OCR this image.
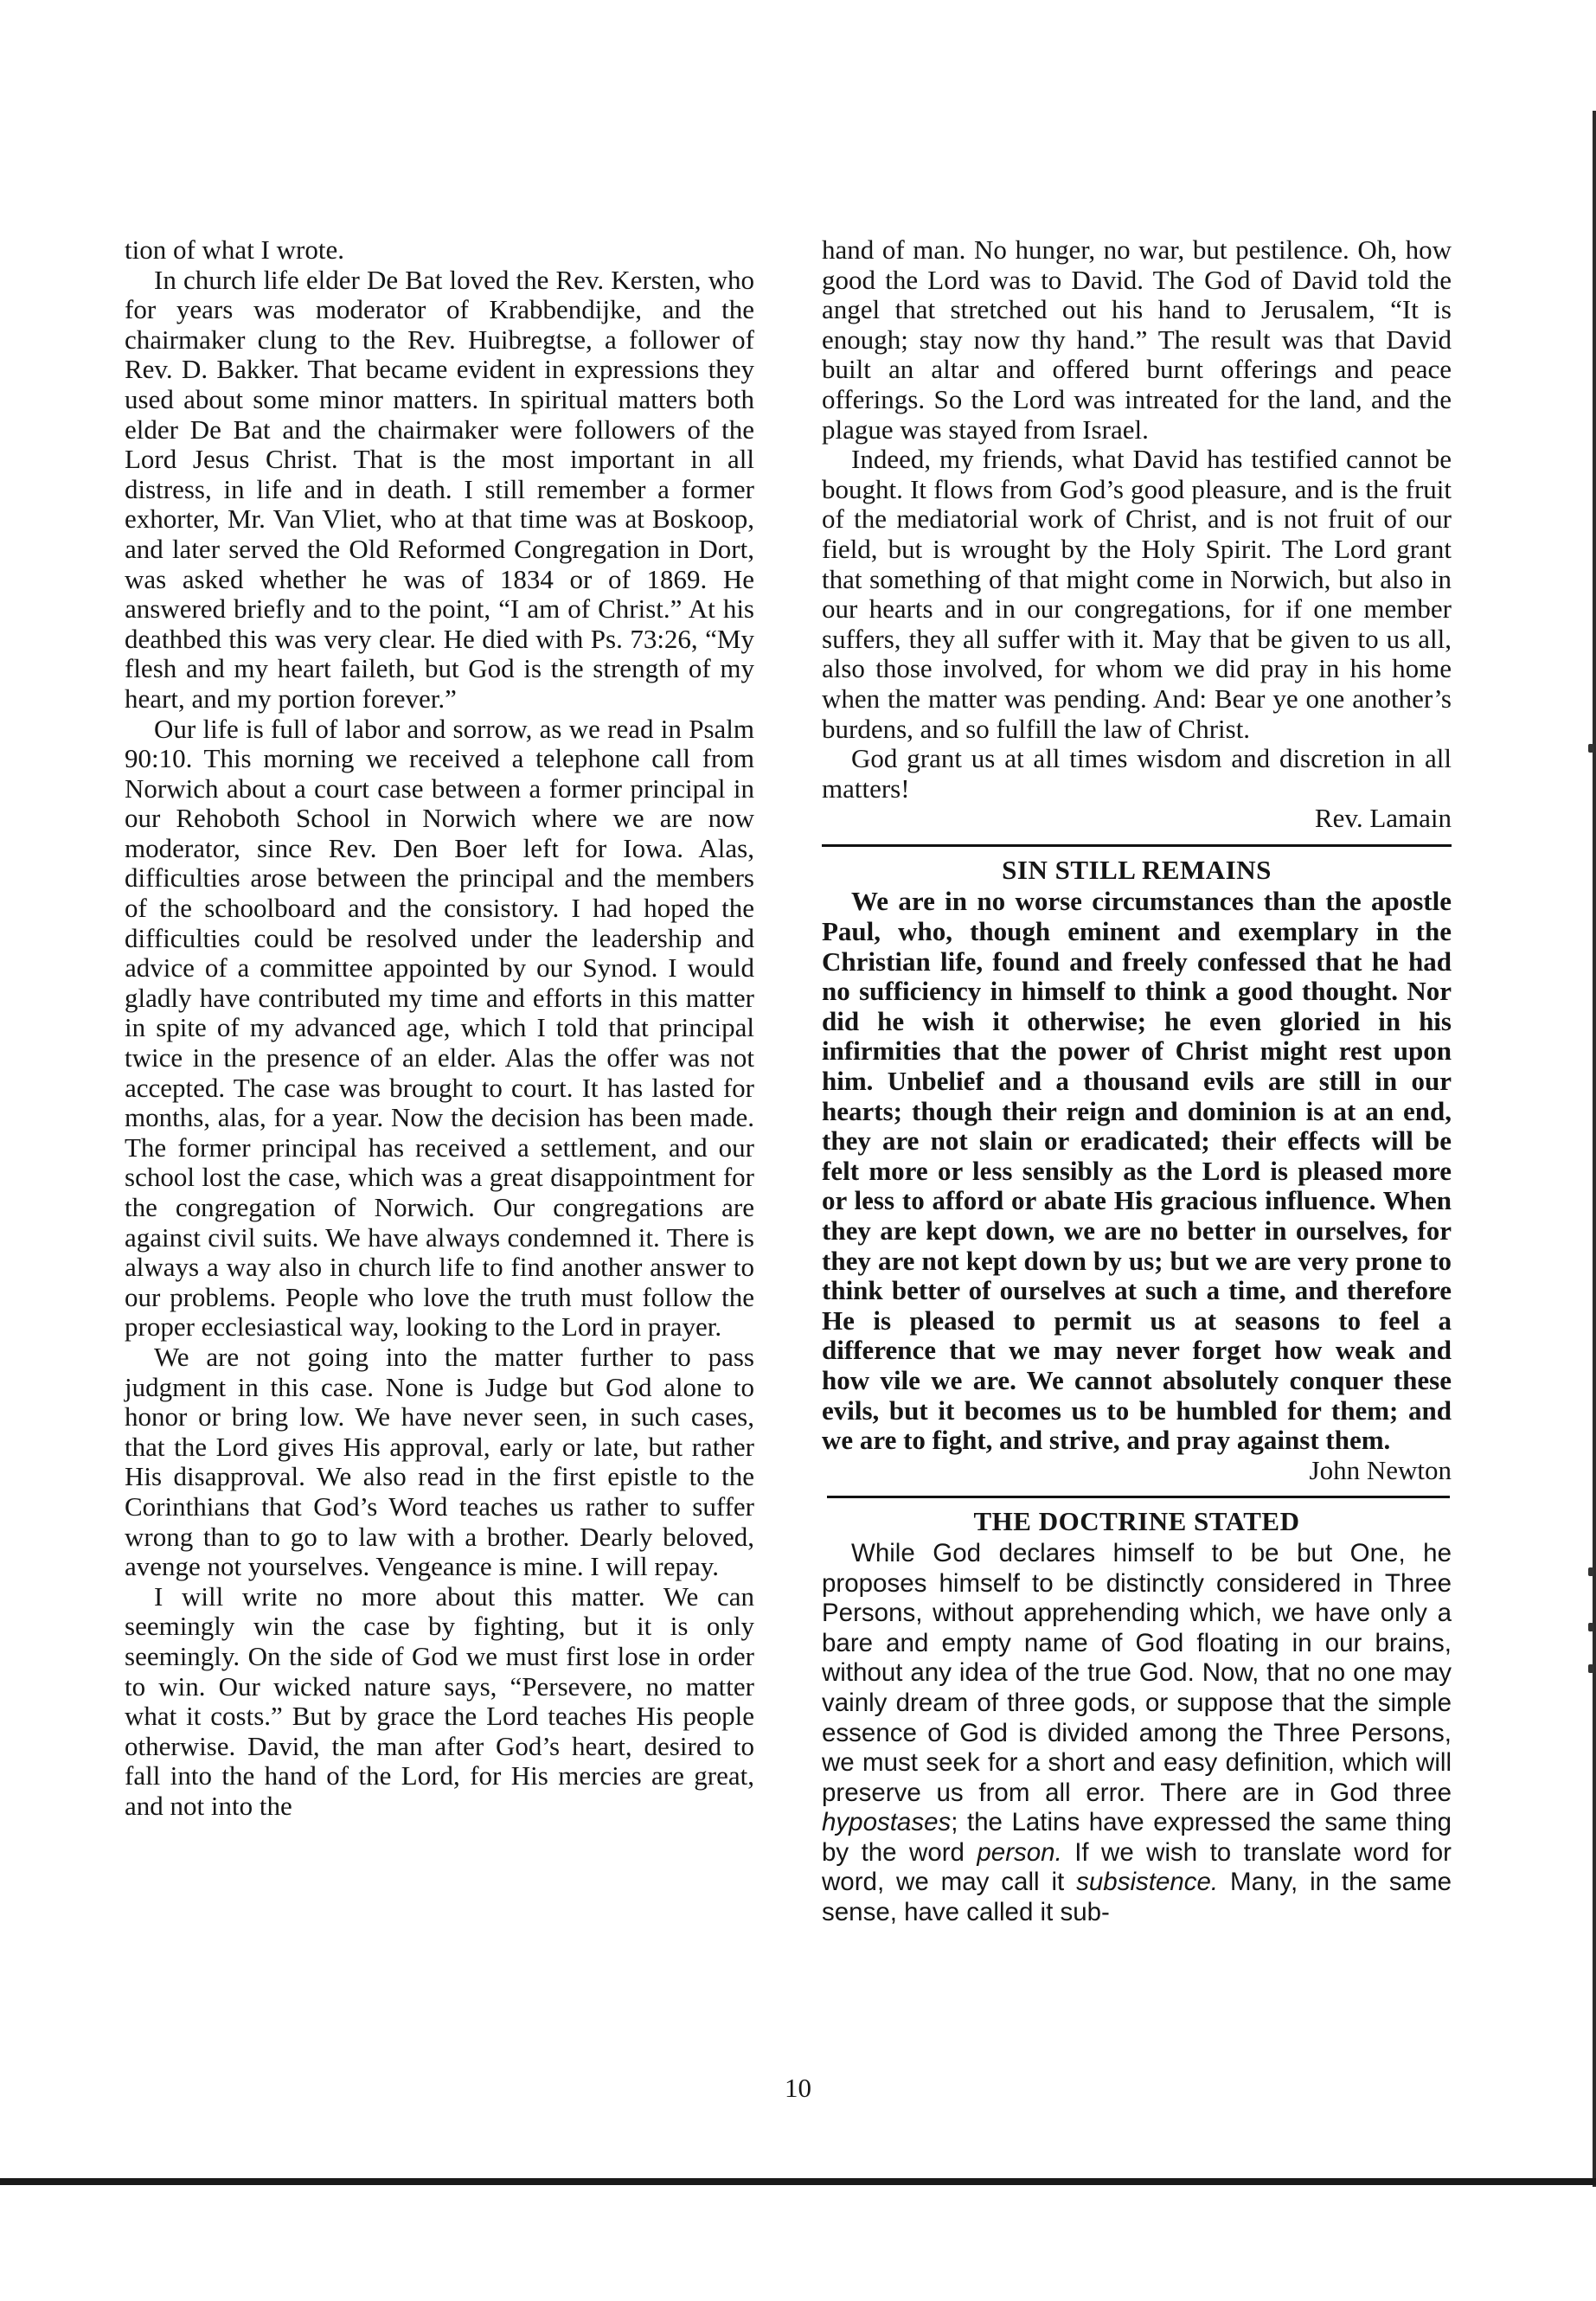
tion of what I wrote.

In church life elder De Bat loved the Rev. Kersten, who for years was moderator of Krabbendijke, and the chairmaker clung to the Rev. Huibregtse, a follower of Rev. D. Bakker. That became evident in expressions they used about some minor matters. In spiritual matters both elder De Bat and the chairmaker were followers of the Lord Jesus Christ. That is the most important in all distress, in life and in death. I still remember a former exhorter, Mr. Van Vliet, who at that time was at Boskoop, and later served the Old Reformed Congregation in Dort, was asked whether he was of 1834 or of 1869. He answered briefly and to the point, “I am of Christ.” At his deathbed this was very clear. He died with Ps. 73:26, “My flesh and my heart faileth, but God is the strength of my heart, and my portion forever.”

Our life is full of labor and sorrow, as we read in Psalm 90:10. This morning we received a telephone call from Norwich about a court case between a former principal in our Rehoboth School in Norwich where we are now moderator, since Rev. Den Boer left for Iowa. Alas, difficulties arose between the principal and the members of the schoolboard and the consistory. I had hoped the difficulties could be resolved under the leadership and advice of a committee appointed by our Synod. I would gladly have contributed my time and efforts in this matter in spite of my advanced age, which I told that principal twice in the presence of an elder. Alas the offer was not accepted. The case was brought to court. It has lasted for months, alas, for a year. Now the decision has been made. The former principal has received a settlement, and our school lost the case, which was a great disappointment for the congregation of Norwich. Our congregations are against civil suits. We have always condemned it. There is always a way also in church life to find another answer to our problems. People who love the truth must follow the proper ecclesiastical way, looking to the Lord in prayer.

We are not going into the matter further to pass judgment in this case. None is Judge but God alone to honor or bring low. We have never seen, in such cases, that the Lord gives His approval, early or late, but rather His disapproval. We also read in the first epistle to the Corinthians that God’s Word teaches us rather to suffer wrong than to go to law with a brother. Dearly beloved, avenge not yourselves. Vengeance is mine. I will repay.

I will write no more about this matter. We can seemingly win the case by fighting, but it is only seemingly. On the side of God we must first lose in order to win. Our wicked nature says, “Persevere, no matter what it costs.” But by grace the Lord teaches His people otherwise. David, the man after God’s heart, desired to fall into the hand of the Lord, for His mercies are great, and not into the

hand of man. No hunger, no war, but pestilence. Oh, how good the Lord was to David. The God of David told the angel that stretched out his hand to Jerusalem, “It is enough; stay now thy hand.” The result was that David built an altar and offered burnt offerings and peace offerings. So the Lord was intreated for the land, and the plague was stayed from Israel.

Indeed, my friends, what David has testified cannot be bought. It flows from God’s good pleasure, and is the fruit of the mediatorial work of Christ, and is not fruit of our field, but is wrought by the Holy Spirit. The Lord grant that something of that might come in Norwich, but also in our hearts and in our congregations, for if one member suffers, they all suffer with it. May that be given to us all, also those involved, for whom we did pray in his home when the matter was pending. And: Bear ye one another’s burdens, and so fulfill the law of Christ.

God grant us at all times wisdom and discretion in all matters!

Rev. Lamain

SIN STILL REMAINS

We are in no worse circumstances than the apostle Paul, who, though eminent and exemplary in the Christian life, found and freely confessed that he had no sufficiency in himself to think a good thought. Nor did he wish it otherwise; he even gloried in his infirmities that the power of Christ might rest upon him. Unbelief and a thousand evils are still in our hearts; though their reign and dominion is at an end, they are not slain or eradicated; their effects will be felt more or less sensibly as the Lord is pleased more or less to afford or abate His gracious influence. When they are kept down, we are no better in ourselves, for they are not kept down by us; but we are very prone to think better of ourselves at such a time, and therefore He is pleased to permit us at seasons to feel a difference that we may never forget how weak and how vile we are. We cannot absolutely conquer these evils, but it becomes us to be humbled for them; and we are to fight, and strive, and pray against them.

John Newton

THE DOCTRINE STATED

While God declares himself to be but One, he proposes himself to be distinctly considered in Three Persons, without apprehending which, we have only a bare and empty name of God floating in our brains, without any idea of the true God. Now, that no one may vainly dream of three gods, or suppose that the simple essence of God is divided among the Three Persons, we must seek for a short and easy definition, which will preserve us from all error. There are in God three hypostases; the Latins have expressed the same thing by the word person. If we wish to translate word for word, we may call it subsistence. Many, in the same sense, have called it sub-

10
